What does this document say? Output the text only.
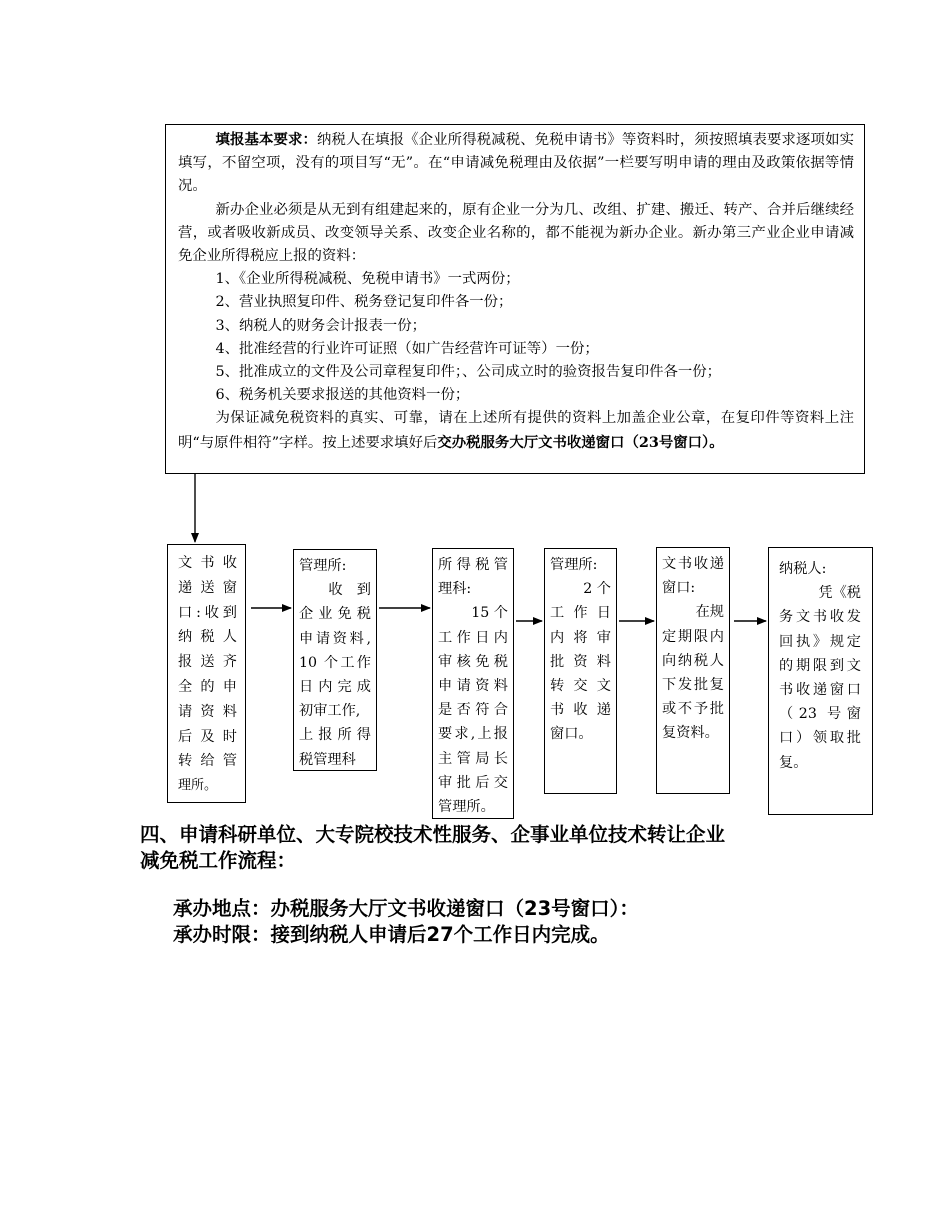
填报基本要求：纳税人在填报《企业所得税减税、免税申请书》等资料时，须按照填表要求逐项如实填写，不留空项，没有的项目写“无”。在“申请减免税理由及依据”一栏要写明申请的理由及政策依据等情况。

新办企业必须是从无到有组建起来的，原有企业一分为几、改组、扩建、搬迁、转产、合并后继续经营，或者吸收新成员、改变领导关系、改变企业名称的，都不能视为新办企业。新办第三产业企业申请减免企业所得税应上报的资料：

1、《企业所得税减税、免税申请书》一式两份；

2、营业执照复印件、税务登记复印件各一份；

3、纳税人的财务会计报表一份；

4、批准经营的行业许可证照（如广告经营许可证等）一份；

5、批准成立的文件及公司章程复印件；、公司成立时的验资报告复印件各一份；

6、税务机关要求报送的其他资料一份；

为保证减免税资料的真实、可靠，请在上述所有提供的资料上加盖企业公章，在复印件等资料上注明“与原件相符”字样。按上述要求填好后交办税服务大厅文书收递窗口（23号窗口）。

文 书 收
递 送 窗
口:收到
纳 税 人
报 送 齐
全 的 申
请 资 料
后 及 时
转 给 管
理所。
管理所:
收　到
企业免税
申请资料,
10 个工作
日内完成
初审工作,
上报所得
税管理科
所得税管
理科:
15 个
工作日内
审核免税
申请资料
是否符合
要求,上报
主管局长
审批后交
管理所。
管理所:
2 个
工 作 日
内 将 审
批 资 料
转 交 文
书 收 递
窗口。
文书收递
窗口:
在规
定期限内
向纳税人
下发批复
或不予批
复资料。
纳税人:
凭《税
务文书收发
回执》规定
的期限到文
书收递窗口
（23 号窗
口）领取批
复。
四、申请科研单位、大专院校技术性服务、企事业单位技术转让企业
减免税工作流程：
承办地点：办税服务大厅文书收递窗口（23号窗口）：
承办时限：接到纳税人申请后27个工作日内完成。
